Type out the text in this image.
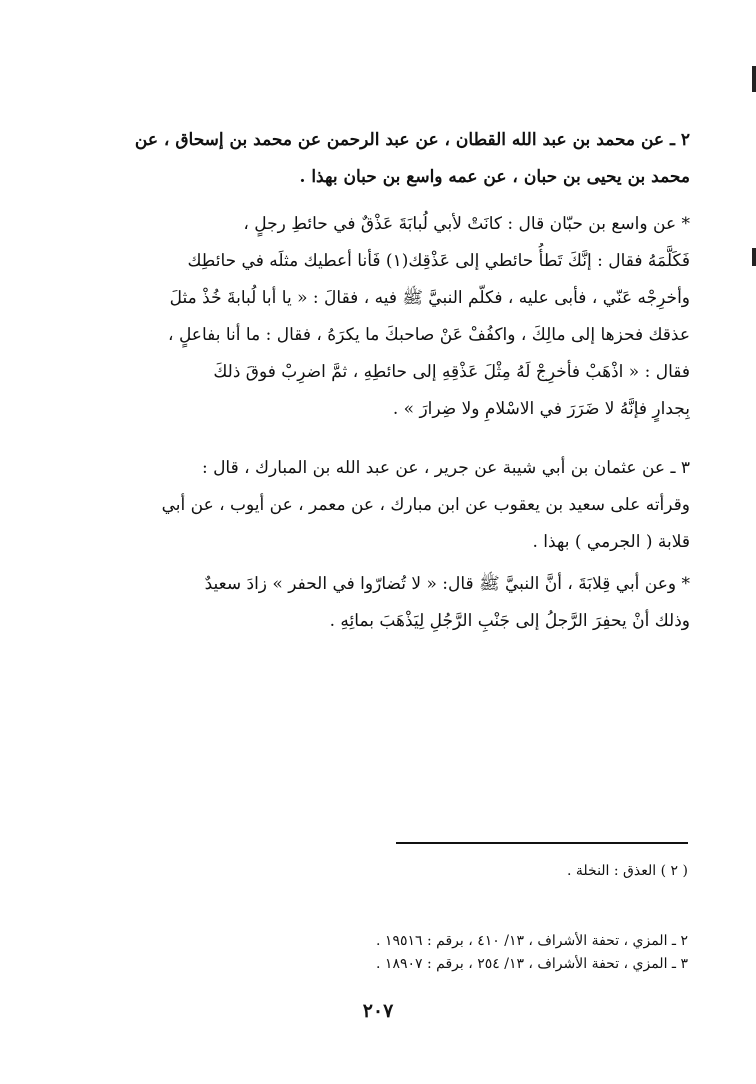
٢ ـ عن محمد بن عبد الله القطان ، عن عبد الرحمن عن محمد بن إسحاق ، عن
محمد بن يحيى بن حبان ، عن عمه واسع بن حبان بهذا .

* عن واسع بن حبّان قال : كانَتْ لأبي لُبابَةَ عَذْقٌ في حائطِ رجلٍ ،
فَكَلَّمَهُ فقال : إنَّكَ تَطأُ حائطي إلى عَذْقِك(١) فَأنا أعطيك مثلَه في حائطِك
وأخرِجْه عَنّي ، فأبى عليه ، فكلّم النبيَّ ﷺ فيه ، فقالَ : « يا أبا لُبابةَ خُذْ مثلَ
عذقك فحزها إلى مالِكَ ، واكفُفْ عَنْ صاحبكَ ما يكرَهُ ، فقال : ما أنا بفاعلٍ ،
فقال : « اذْهَبْ فأخرِجْ لَهُ مِثْلَ عَذْقِهِ إلى حائطِهِ ، ثمَّ اضرِبْ فوقَ ذلكَ
بِجدارٍ فإنَّهُ لا ضَرَرَ في الاسْلامِ ولا ضِرارَ » .

٣ ـ عن عثمان بن أبي شيبة عن جرير ، عن عبد الله بن المبارك ، قال :
وقرأته على سعيد بن يعقوب عن ابن مبارك ، عن معمر ، عن أيوب ، عن أبي
قلابة ( الجرمي ) بهذا .

* وعن أبي قِلابَةَ ، أنَّ النبيَّ ﷺ قال: « لا تُضارّوا في الحفر » زادَ سعيدٌ
وذلك أنْ يحفِرَ الرَّجلُ إلى جَنْبِ الرَّجُلِ لِيَذْهَبَ بمائِهِ .

( ٢ ) العذق : النخلة .
٢ ـ المزي ، تحفة الأشراف ، ١٣/ ٤١٠ ، برقم : ١٩٥١٦ .
٣ ـ المزي ، تحفة الأشراف ، ١٣/ ٢٥٤ ، برقم : ١٨٩٠٧ .
٢٠٧
